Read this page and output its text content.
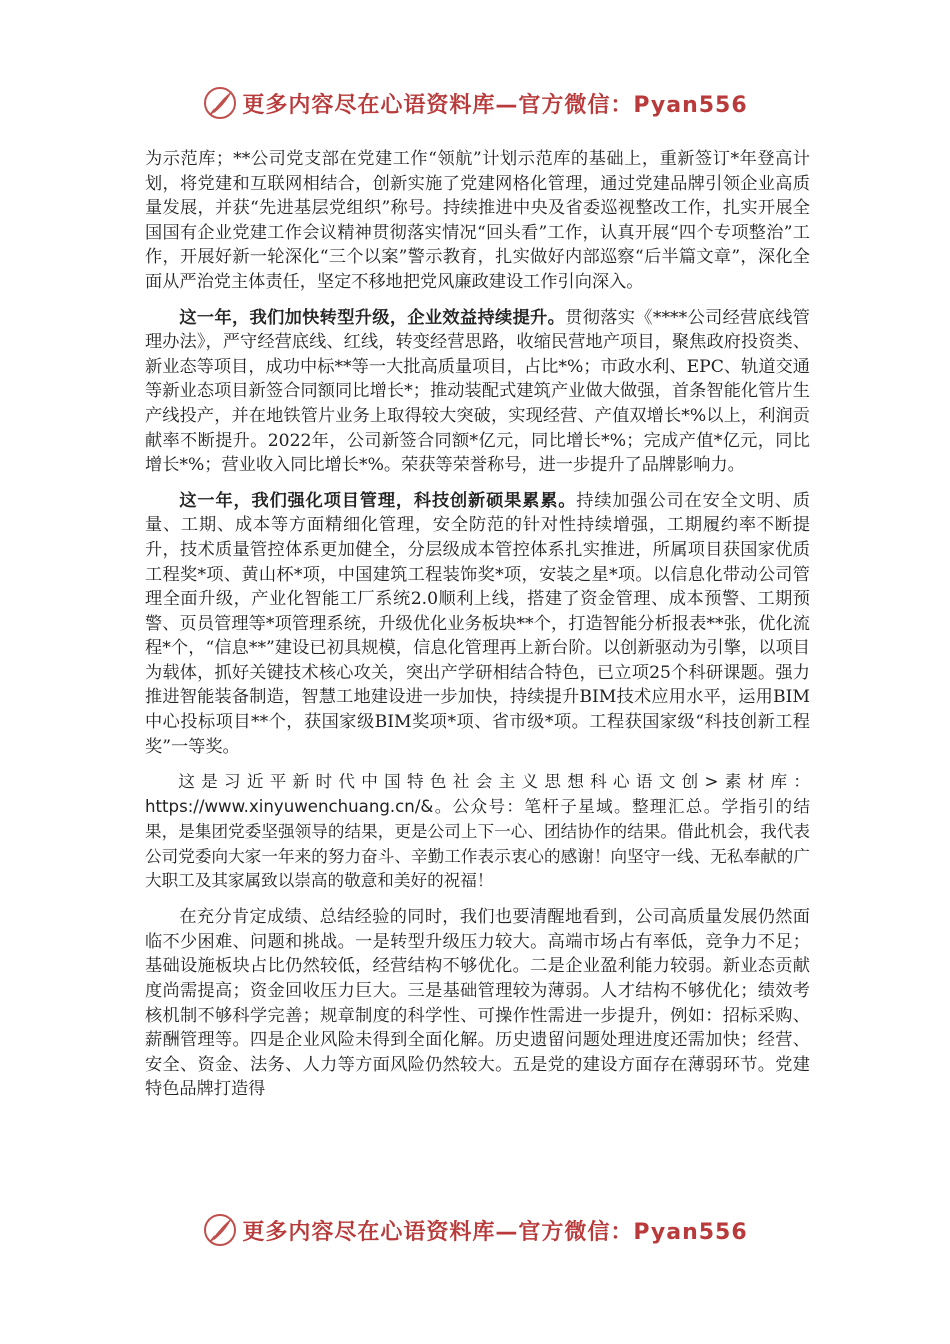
更多内容尽在心语资料库—官方微信：Pyan556

为示范库；**公司党支部在党建工作“领航”计划示范库的基础上，重新签订*年登高计划，将党建和互联网相结合，创新实施了党建网格化管理，通过党建品牌引领企业高质量发展，并获“先进基层党组织”称号。持续推进中央及省委巡视整改工作，扎实开展全国国有企业党建工作会议精神贯彻落实情况“回头看”工作，认真开展“四个专项整治”工作，开展好新一轮深化“三个以案”警示教育，扎实做好内部巡察“后半篇文章”，深化全面从严治党主体责任，坚定不移地把党风廉政建设工作引向深入。

这一年，我们加快转型升级，企业效益持续提升。贯彻落实《****公司经营底线管理办法》，严守经营底线、红线，转变经营思路，收缩民营地产项目，聚焦政府投资类、新业态等项目，成功中标**等一大批高质量项目，占比*%；市政水利、EPC、轨道交通等新业态项目新签合同额同比增长*；推动装配式建筑产业做大做强，首条智能化管片生产线投产，并在地铁管片业务上取得较大突破，实现经营、产值双增长*%以上，利润贡献率不断提升。2022年，公司新签合同额*亿元，同比增长*%；完成产值*亿元，同比增长*%；营业收入同比增长*%。荣获等荣誉称号，进一步提升了品牌影响力。

这一年，我们强化项目管理，科技创新硕果累累。持续加强公司在安全文明、质量、工期、成本等方面精细化管理，安全防范的针对性持续增强，工期履约率不断提升，技术质量管控体系更加健全，分层级成本管控体系扎实推进，所属项目获国家优质工程奖*项、黄山杯*项，中国建筑工程装饰奖*项，安装之星*项。以信息化带动公司管理全面升级，产业化智能工厂系统2.0顺利上线，搭建了资金管理、成本预警、工期预警、页员管理等*项管理系统，升级优化业务板块**个，打造智能分析报表**张，优化流程*个，“信息**”建设已初具规模，信息化管理再上新台阶。以创新驱动为引擎，以项目为载体，抓好关键技术核心攻关，突出产学研相结合特色，已立项25个科研课题。强力推进智能装备制造，智慧工地建设进一步加快，持续提升BIM技术应用水平，运用BIM中心投标项目**个，获国家级BIM奖项*项、省市级*项。工程获国家级“科技创新工程奖”一等奖。

这是习近平新时代中国特色社会主义思想科心语文创>素材库：https://www.xinyuwenchuang.cn/&。公众号：笔杆子星域。整理汇总。学指引的结果，是集团党委坚强领导的结果，更是公司上下一心、团结协作的结果。借此机会，我代表公司党委向大家一年来的努力奋斗、辛勤工作表示衷心的感谢！向坚守一线、无私奉献的广大职工及其家属致以崇高的敬意和美好的祝福！

在充分肯定成绩、总结经验的同时，我们也要清醒地看到，公司高质量发展仍然面临不少困难、问题和挑战。一是转型升级压力较大。高端市场占有率低，竞争力不足；基础设施板块占比仍然较低，经营结构不够优化。二是企业盈利能力较弱。新业态贡献度尚需提高；资金回收压力巨大。三是基础管理较为薄弱。人才结构不够优化；绩效考核机制不够科学完善；规章制度的科学性、可操作性需进一步提升，例如：招标采购、薪酬管理等。四是企业风险未得到全面化解。历史遗留问题处理进度还需加快；经营、安全、资金、法务、人力等方面风险仍然较大。五是党的建设方面存在薄弱环节。党建特色品牌打造得

更多内容尽在心语资料库—官方微信：Pyan556
